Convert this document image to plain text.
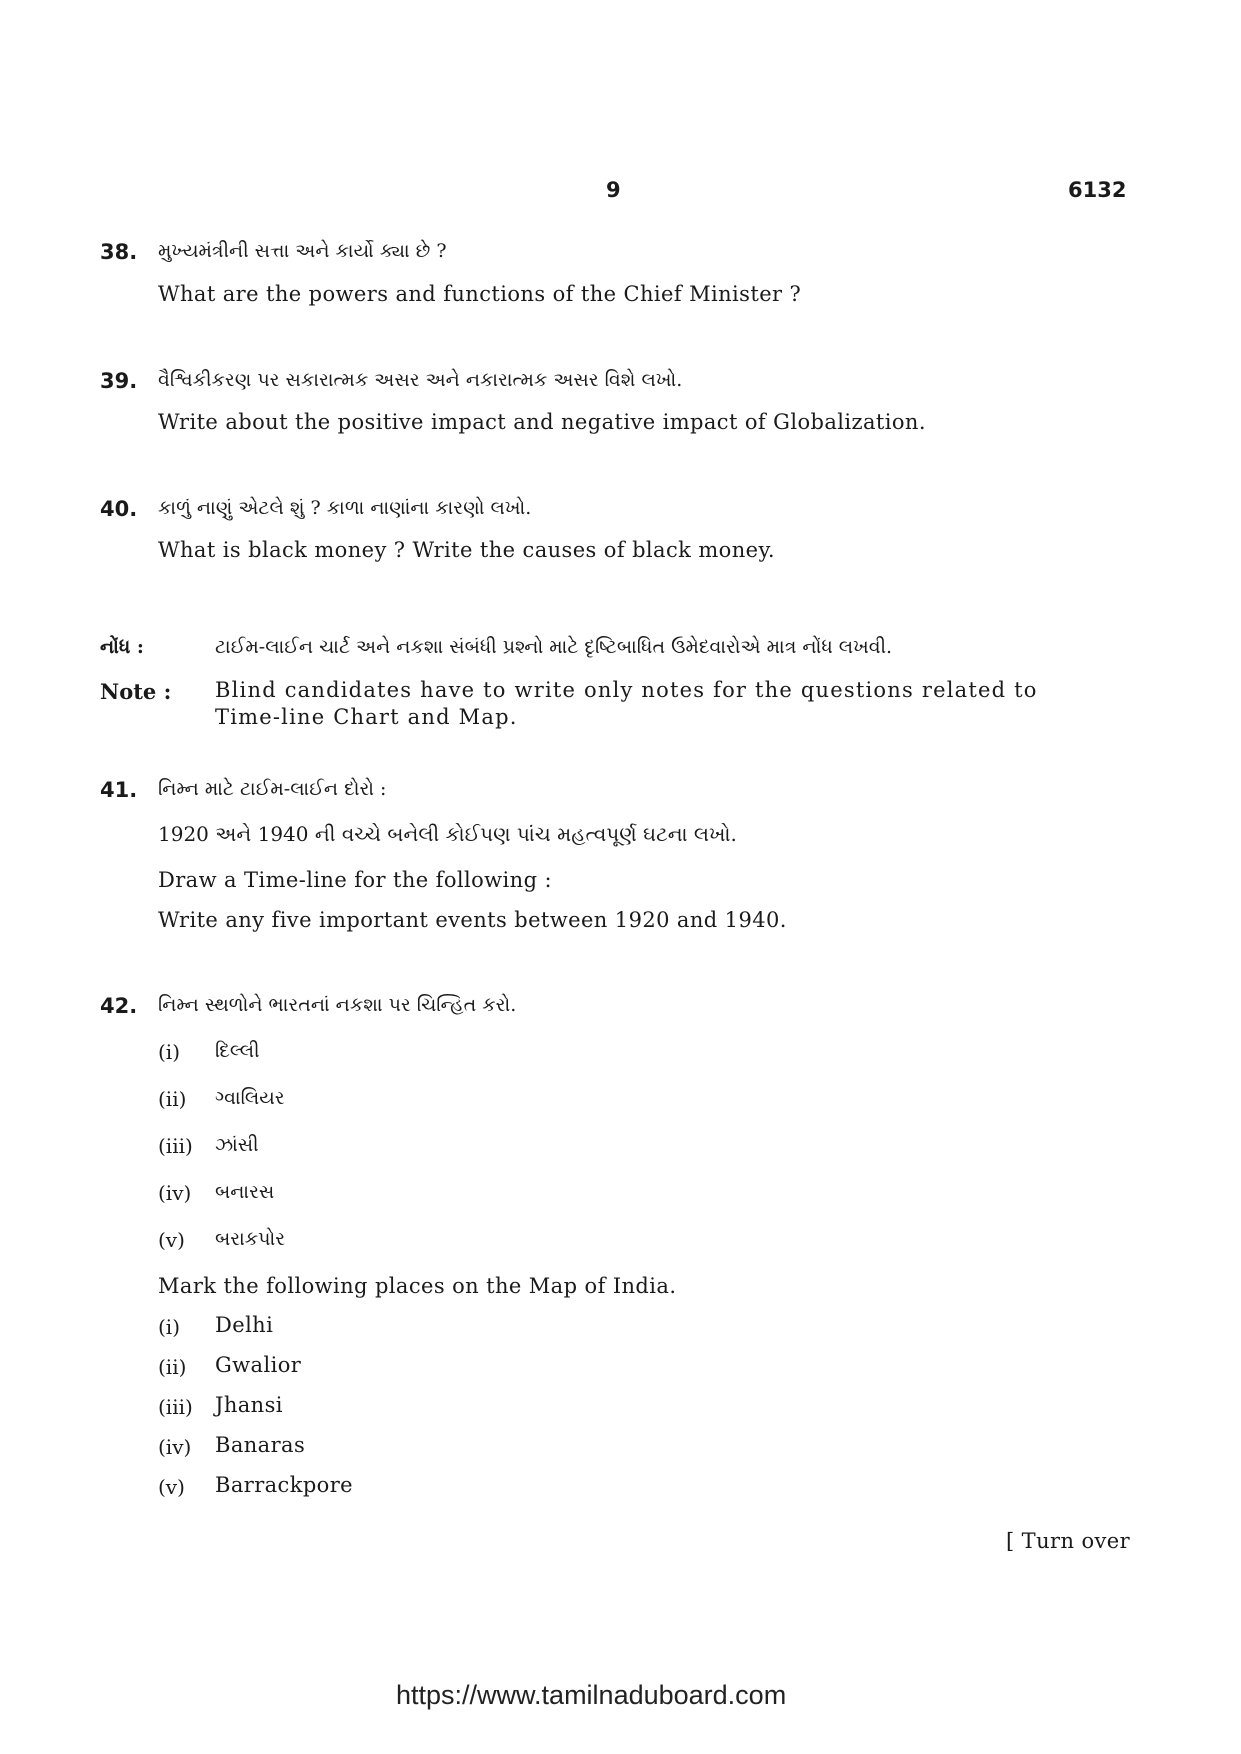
9	6132
38. મુખ્યમંત્રીની સત્તા અને કાર્યો ક્યા છે ?
What are the powers and functions of the Chief Minister ?
39. વૈશ્વિકીકરણ પર સકારાત્મક અસર અને નકારાત્મક અસર વિશે લખો.
Write about the positive impact and negative impact of Globalization.
40. કાળું નાણું એટલે શું ? કાળા નાણાંના કારણો લખો.
What is black money ? Write the causes of black money.
નોંધ :	ટાઈમ-લાઈન ચાર્ટ અને નકશા સંબંધી પ્રશ્નો માટે દૃષ્ટિબાધિત ઉમેદવારોએ માત્ર નોંધ લખવી.
Note : Blind candidates have to write only notes for the questions related to Time-line Chart and Map.
41. નિમ્ન માટે ટાઈમ-લાઈન દોરો :
1920 અને 1940 ની વચ્ચે બનેલી કોઈપણ પાંચ મહત્વપૂર્ણ ઘટના લખો.
Draw a Time-line for the following :
Write any five important events between 1920 and 1940.
42. નિમ્ન સ્થળોને ભારતનાં નકશા પર ચિન્હિત કરો.
(i) દિલ્લી
(ii) ગ્વાલિયર
(iii) ઝાંસી
(iv) બનારસ
(v) બરાકપોર
Mark the following places on the Map of India.
(i) Delhi
(ii) Gwalior
(iii) Jhansi
(iv) Banaras
(v) Barrackpore
[ Turn over
https://www.tamilnaduboard.com
